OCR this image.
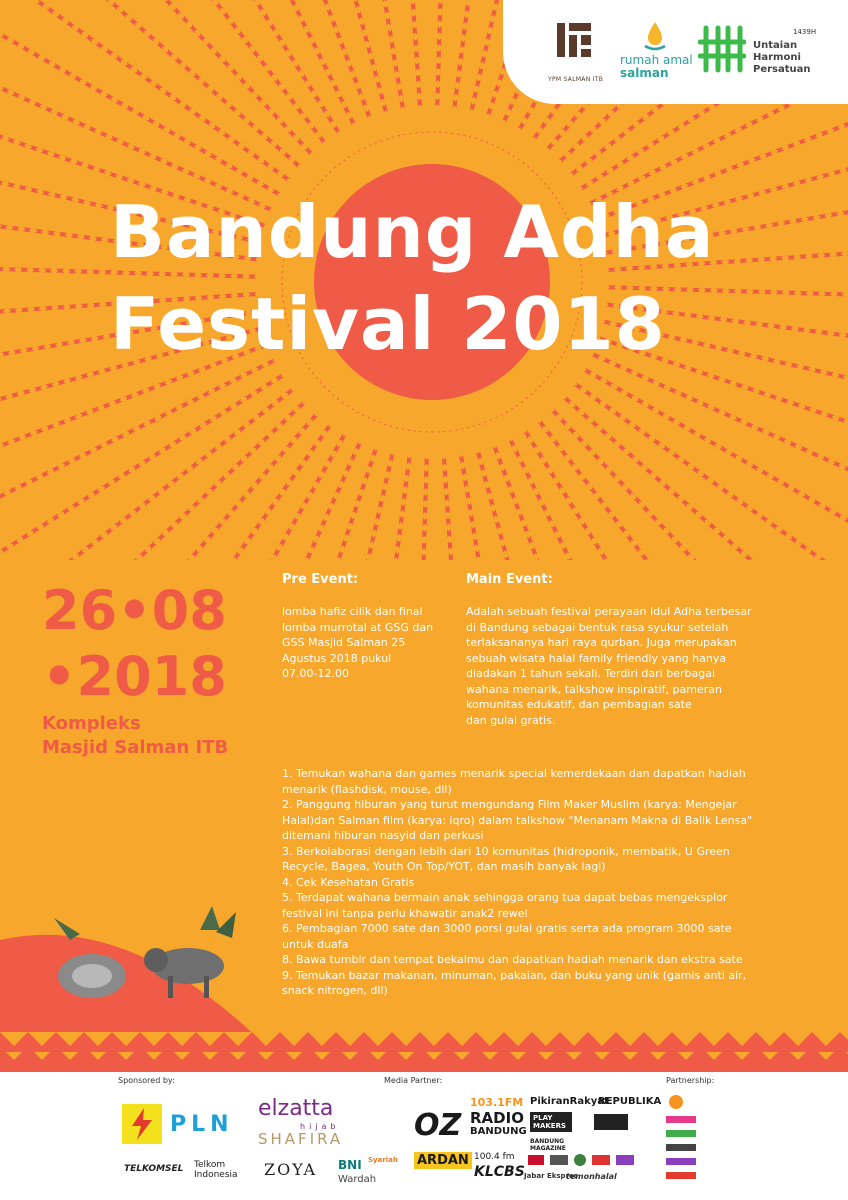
YPM SALMAN ITB
rumah amal
salman
1439H
Untaian
Harmoni
Persatuan
Bandung Adha
Festival 2018
26•08
•2018
Kompleks
Masjid Salman ITB
Pre Event:
lomba hafiz cilik dan final
lomba murrotal at GSG dan
GSS Masjid Salman 25
Agustus 2018 pukul
07.00-12.00
Main Event:
Adalah sebuah festival perayaan Idul Adha terbesar
di Bandung sebagai bentuk rasa syukur setelah
terlaksananya hari raya qurban. Juga merupakan
sebuah wisata halal family friendly yang hanya
diadakan 1 tahun sekali. Terdiri dari berbagai
wahana menarik, talkshow inspiratif, pameran
komunitas edukatif, dan pembagian sate
dan gulai gratis.
1. Temukan wahana dan games menarik special kemerdekaan dan dapatkan hadiah
menarik (flashdisk, mouse, dll)
2. Panggung hiburan yang turut mengundang Film Maker Muslim (karya: Mengejar
Halal)dan Salman film (karya: iqro) dalam talkshow "Menanam Makna di Balik Lensa"
ditemani hiburan nasyid dan perkusi
3. Berkolaborasi dengan lebih dari 10 komunitas (hidroponik, membatik, U Green
Recycle, Bagea, Youth On Top/YOT, dan masih banyak lagi)
4. Cek Kesehatan Gratis
5. Terdapat wahana bermain anak sehingga orang tua dapat bebas mengeksplor
festival ini tanpa perlu khawatir anak2 rewel
6. Pembagian 7000 sate dan 3000 porsi gulai gratis serta ada program 3000 sate
untuk duafa
8. Bawa tumblr dan tempat bekalmu dan dapatkan hadiah menarik dan ekstra sate
9. Temukan bazar makanan, minuman, pakaian, dan buku yang unik (gamis anti air,
snack nitrogen, dll)
Sponsored by:	Media Partner:	Partnership:
PLN
elzatta
hijab
SHAFIRA
TELKOMSEL Telkom
Indonesia ZOYA BNI Syariah
Wardah
OZ
103.1FM
RADIO
BANDUNG
PikiranRakyat
REPUBLIKA
PLAY MAKERS
BANDUNG MAGAZINE
ARDAN 100.4 fm
KLCBS Jabar Ekspres
temonhalal
